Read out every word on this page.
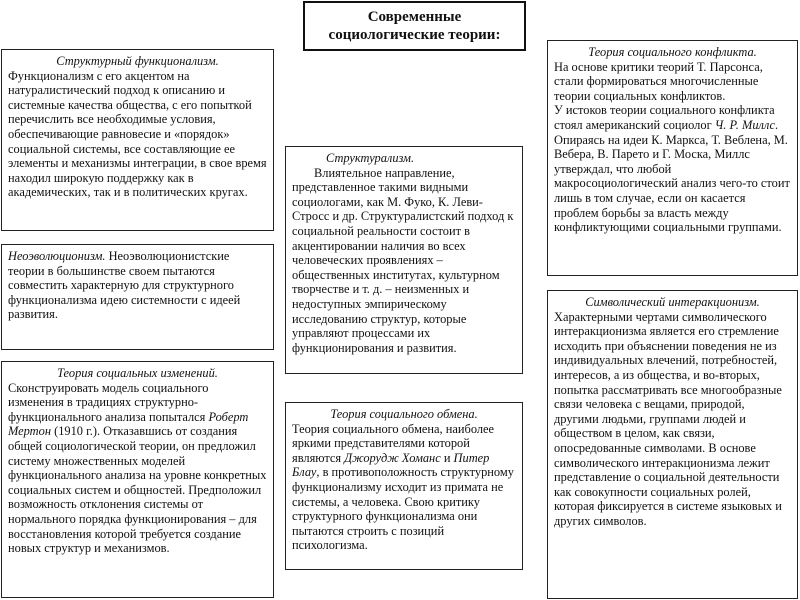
Современные
социологические теории:
Структурный функционализм.
Функционализм с его акцентом на натуралистический подход к описанию и системные качества общества, с его попыткой перечислить все необходимые условия, обеспечивающие равновесие и «порядок» социальной системы, все составляющие ее элементы и механизмы интеграции, в свое время находил широкую поддержку как в академических, так и в политических кругах.

Неоэволюционизм. Неоэволюционистские теории в большинстве своем пытаются совместить характерную для структурного функционализма идею системности с идеей развития.

Теория социальных изменений.

Сконструировать модель социального изменения в традициях структурно-функционального анализа попытался Роберт Мертон (1910 г.). Отказавшись от создания общей социологической теории, он предложил систему множественных моделей функционального анализа на уровне конкретных социальных систем и общностей. Предположил возможность отклонения системы от нормального порядка функционирования – для восстановления которой требуется создание новых структур и механизмов.

Структурализм.
Влиятельное направление, представленное такими видными социологами, как М. Фуко, К. Леви-Стросс и др. Структуралистский подход к социальной реальности состоит в акцентировании наличия во всех человеческих проявлениях – общественных институтах, культурном творчестве и т. д. – неизменных и недоступных эмпирическому исследованию структур, которые управляют процессами их функционирования и развития.
Теория социального обмена.

Теория социального обмена, наиболее яркими представителями которой являются Джорудж Хоманс и Питер Блау, в противоположность структурному функционализму исходит из примата не системы, а человека. Свою критику структурного функционализма они пытаются строить с позиций психологизма.

Теория социального конфликта.

На основе критики теорий Т. Парсонса, стали формироваться многочисленные теории социальных конфликтов.

У истоков теории социального конфликта стоял американский социолог Ч. Р. Миллс. Опираясь на идеи К. Маркса, Т. Веблена, М. Вебера, В. Парето и Г. Моска, Миллс утверждал, что любой макросоциологический анализ чего-то стоит лишь в том случае, если он касается проблем борьбы за власть между конфликтующими социальными группами.

Символический интеракционизм.
Характерными чертами символического интеракционизма является его стремление исходить при объяснении поведения не из индивидуальных влечений, потребностей, интересов, а из общества, и во-вторых, попытка рассматривать все многообразные связи человека с вещами, природой, другими людьми, группами людей и обществом в целом, как связи, опосредованные символами. В основе символического интеракционизма лежит представление о социальной деятельности как совокупности социальных ролей, которая фиксируется в системе языковых и других символов.
